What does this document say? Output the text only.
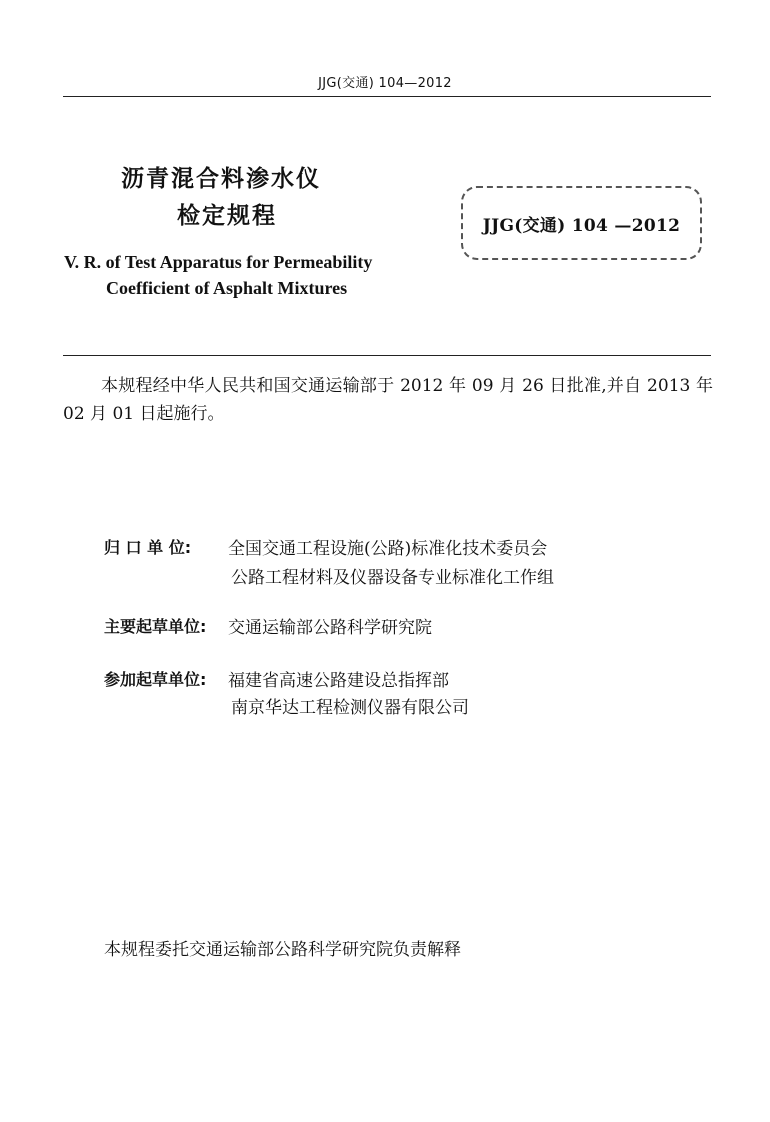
JJG(交通) 104—2012
沥青混合料渗水仪
检定规程	JJG(交通) 104 —2012
V. R. of Test Apparatus for Permeability
Coefficient of Asphalt Mixtures
本规程经中华人民共和国交通运输部于 2012 年 09 月 26 日批准,并自 2013 年 02 月 01 日起施行。
归 口 单 位: 全国交通工程设施(公路)标准化技术委员会
公路工程材料及仪器设备专业标准化工作组
主要起草单位: 交通运输部公路科学研究院
参加起草单位: 福建省高速公路建设总指挥部
南京华达工程检测仪器有限公司
本规程委托交通运输部公路科学研究院负责解释
